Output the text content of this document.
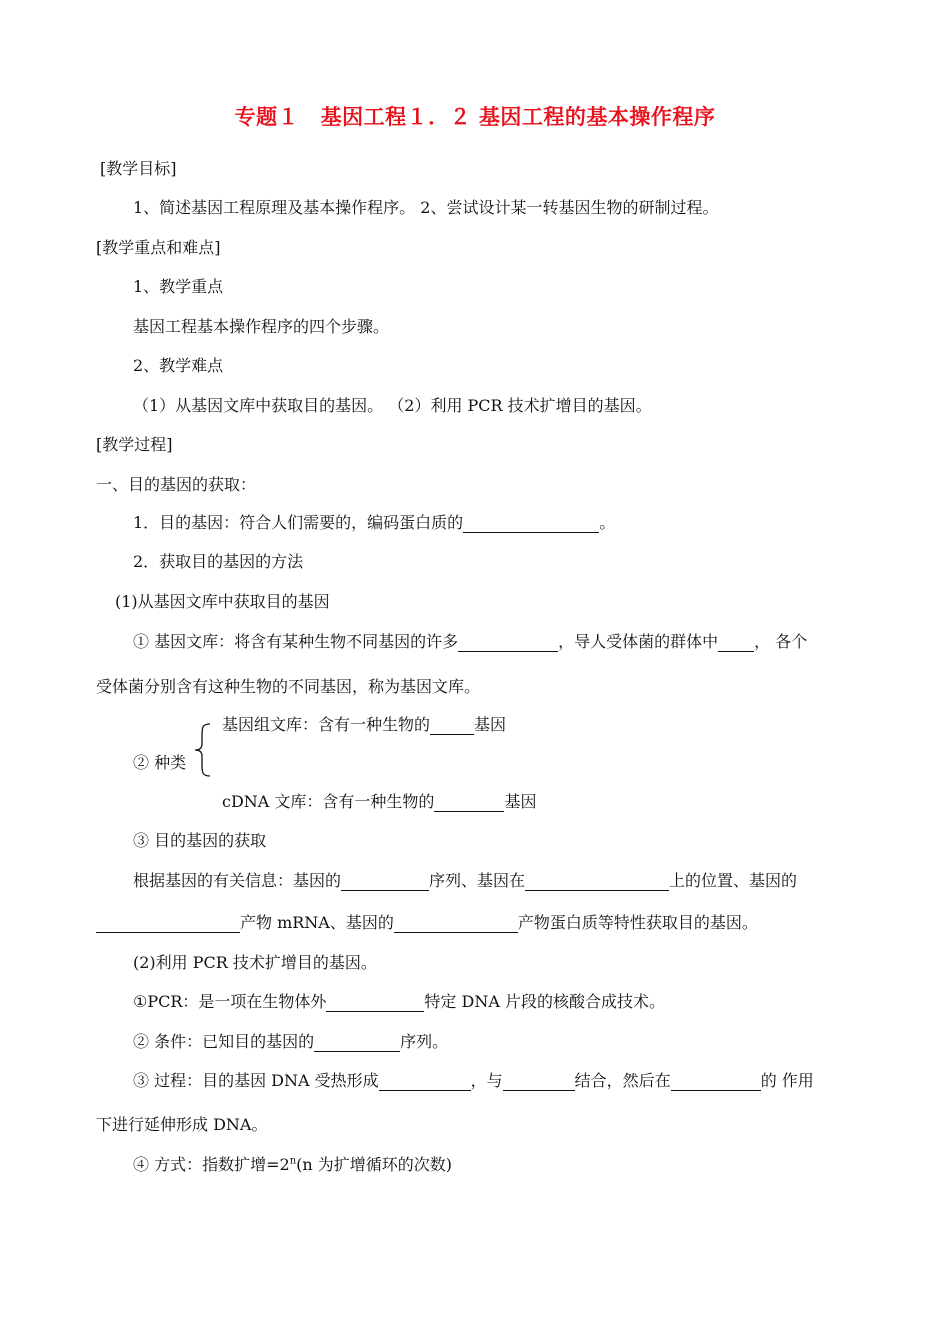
专题１　基因工程１．２ 基因工程的基本操作程序
[教学目标]
1、简述基因工程原理及基本操作程序。 2、尝试设计某一转基因生物的研制过程。
[教学重点和难点]
1、教学重点
基因工程基本操作程序的四个步骤。
2、教学难点
（1）从基因文库中获取目的基因。 （2）利用 PCR 技术扩增目的基因。
[教学过程]
一、目的基因的获取：
1．目的基因：符合人们需要的，编码蛋白质的	。
2．获取目的基因的方法
(1)从基因文库中获取目的基因
① 基因文库：将含有某种生物不同基因的许多	，导人受体菌的群体中 ， 各个
受体菌分别含有这种生物的不同基因，称为基因文库。
基因组文库：含有一种生物的	基因
② 种类
cDNA 文库：含有一种生物的	基因
③ 目的基因的获取
根据基因的有关信息：基因的	序列、基因在	上的位置、基因的
产物 mRNA、基因的	产物蛋白质等特性获取目的基因。
(2)利用 PCR 技术扩增目的基因。
①PCR：是一项在生物体外	特定 DNA 片段的核酸合成技术。
② 条件：已知目的基因的	序列。
③ 过程：目的基因 DNA 受热形成	，与	结合，然后在	的 作用
下进行延伸形成 DNA。
④ 方式：指数扩增$=2^n(n$ 为扩增循环的次数)
